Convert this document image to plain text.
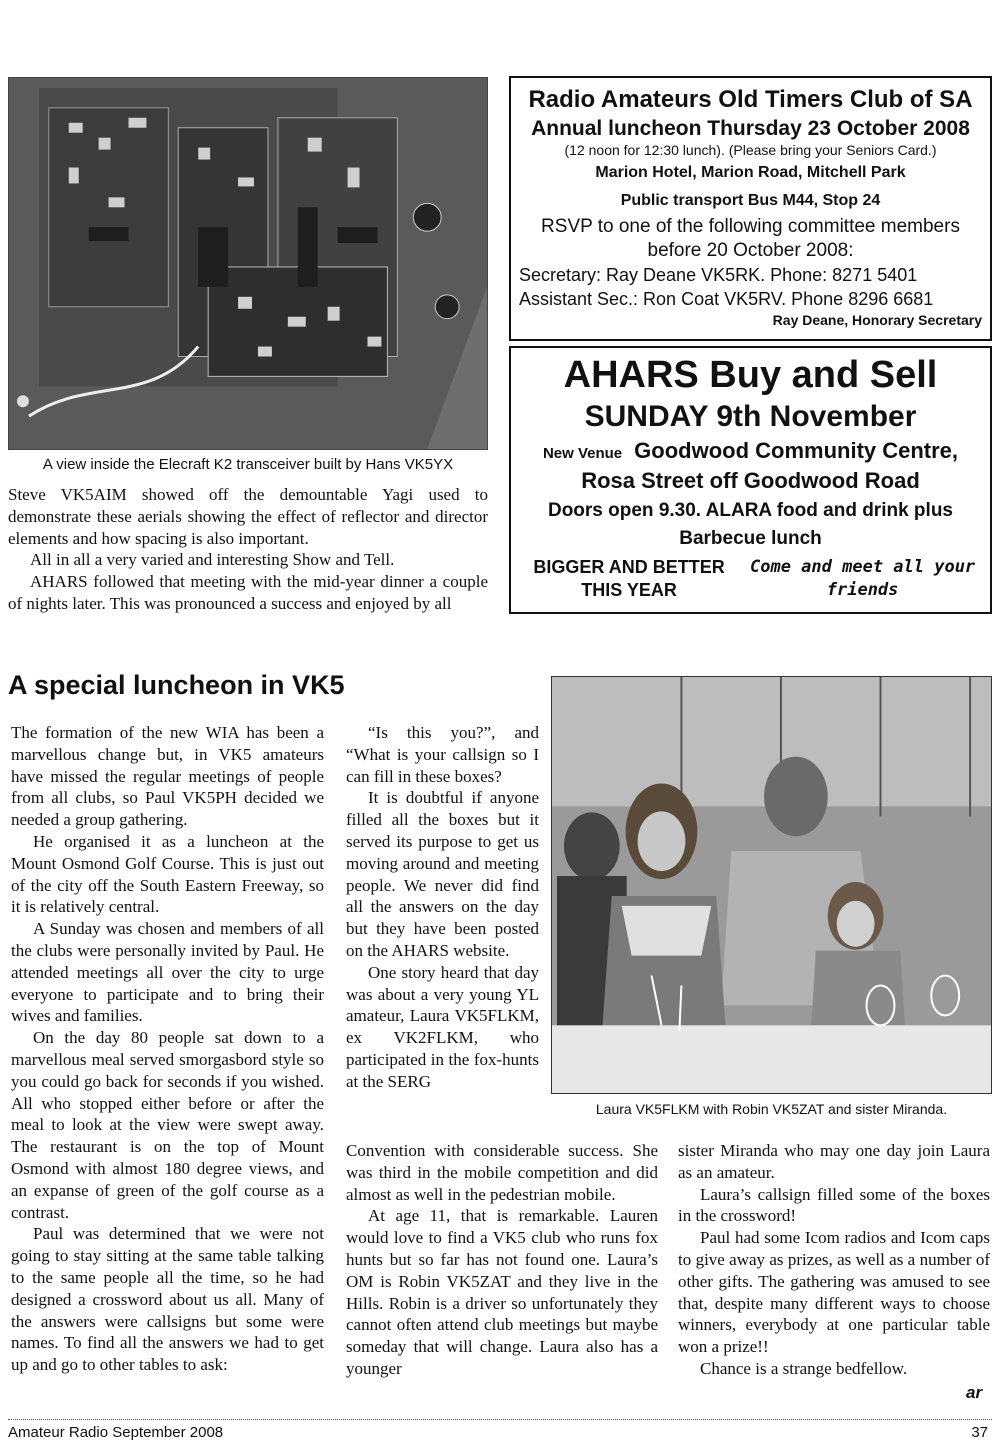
A view inside the Elecraft K2 transceiver built by Hans VK5YX

Steve VK5AIM showed off the demountable Yagi used to demonstrate these aerials showing the effect of reflector and director elements and how spacing is also important.

All in all a very varied and interesting Show and Tell.

AHARS followed that meeting with the mid-year dinner a couple of nights later. This was pronounced a success and enjoyed by all

Radio Amateurs Old Timers Club of SA
Annual luncheon Thursday 23 October 2008
(12 noon for 12:30 lunch). (Please bring your Seniors Card.)
Marion Hotel, Marion Road, Mitchell Park
Public transport Bus M44, Stop 24
RSVP to one of the following committee members
before 20 October 2008:
Secretary: Ray Deane VK5RK. Phone: 8271 5401
Assistant Sec.: Ron Coat VK5RV. Phone 8296 6681
Ray Deane, Honorary Secretary
AHARS Buy and Sell
SUNDAY 9th November
New Venue Goodwood Community Centre,
Rosa Street off Goodwood Road
Doors open 9.30. ALARA food and drink plus
Barbecue lunch
BIGGER AND BETTER
THIS YEAR
Come and meet all your
friends
A special luncheon in VK5

The formation of the new WIA has been a marvellous change but, in VK5 amateurs have missed the regular meetings of people from all clubs, so Paul VK5PH decided we needed a group gathering.

He organised it as a luncheon at the Mount Osmond Golf Course. This is just out of the city off the South Eastern Freeway, so it is relatively central.

A Sunday was chosen and members of all the clubs were personally invited by Paul. He attended meetings all over the city to urge everyone to participate and to bring their wives and families.

On the day 80 people sat down to a marvellous meal served smorgasbord style so you could go back for seconds if you wished. All who stopped either before or after the meal to look at the view were swept away. The restaurant is on the top of Mount Osmond with almost 180 degree views, and an expanse of green of the golf course as a contrast.

Paul was determined that we were not going to stay sitting at the same table talking to the same people all the time, so he had designed a crossword about us all. Many of the answers were callsigns but some were names. To find all the answers we had to get up and go to other tables to ask:

“Is this you?”, and “What is your callsign so I can fill in these boxes?

It is doubtful if anyone filled all the boxes but it served its purpose to get us moving around and meeting people. We never did find all the answers on the day but they have been posted on the AHARS website.

One story heard that day was about a very young YL amateur, Laura VK5FLKM, ex VK2FLKM, who participated in the fox-hunts at the SERG

Convention with considerable success. She was third in the mobile competition and did almost as well in the pedestrian mobile.

At age 11, that is remarkable. Lauren would love to find a VK5 club who runs fox hunts but so far has not found one. Laura’s OM is Robin VK5ZAT and they live in the Hills. Robin is a driver so unfortunately they cannot often attend club meetings but maybe someday that will change. Laura also has a younger

sister Miranda who may one day join Laura as an amateur.

Laura’s callsign filled some of the boxes in the crossword!

Paul had some Icom radios and Icom caps to give away as prizes, as well as a number of other gifts. The gathering was amused to see that, despite many different ways to choose winners, everybody at one particular table won a prize!!

Chance is a strange bedfellow.

Laura VK5FLKM with Robin VK5ZAT and sister Miranda.
ar
Amateur Radio September 2008	37
